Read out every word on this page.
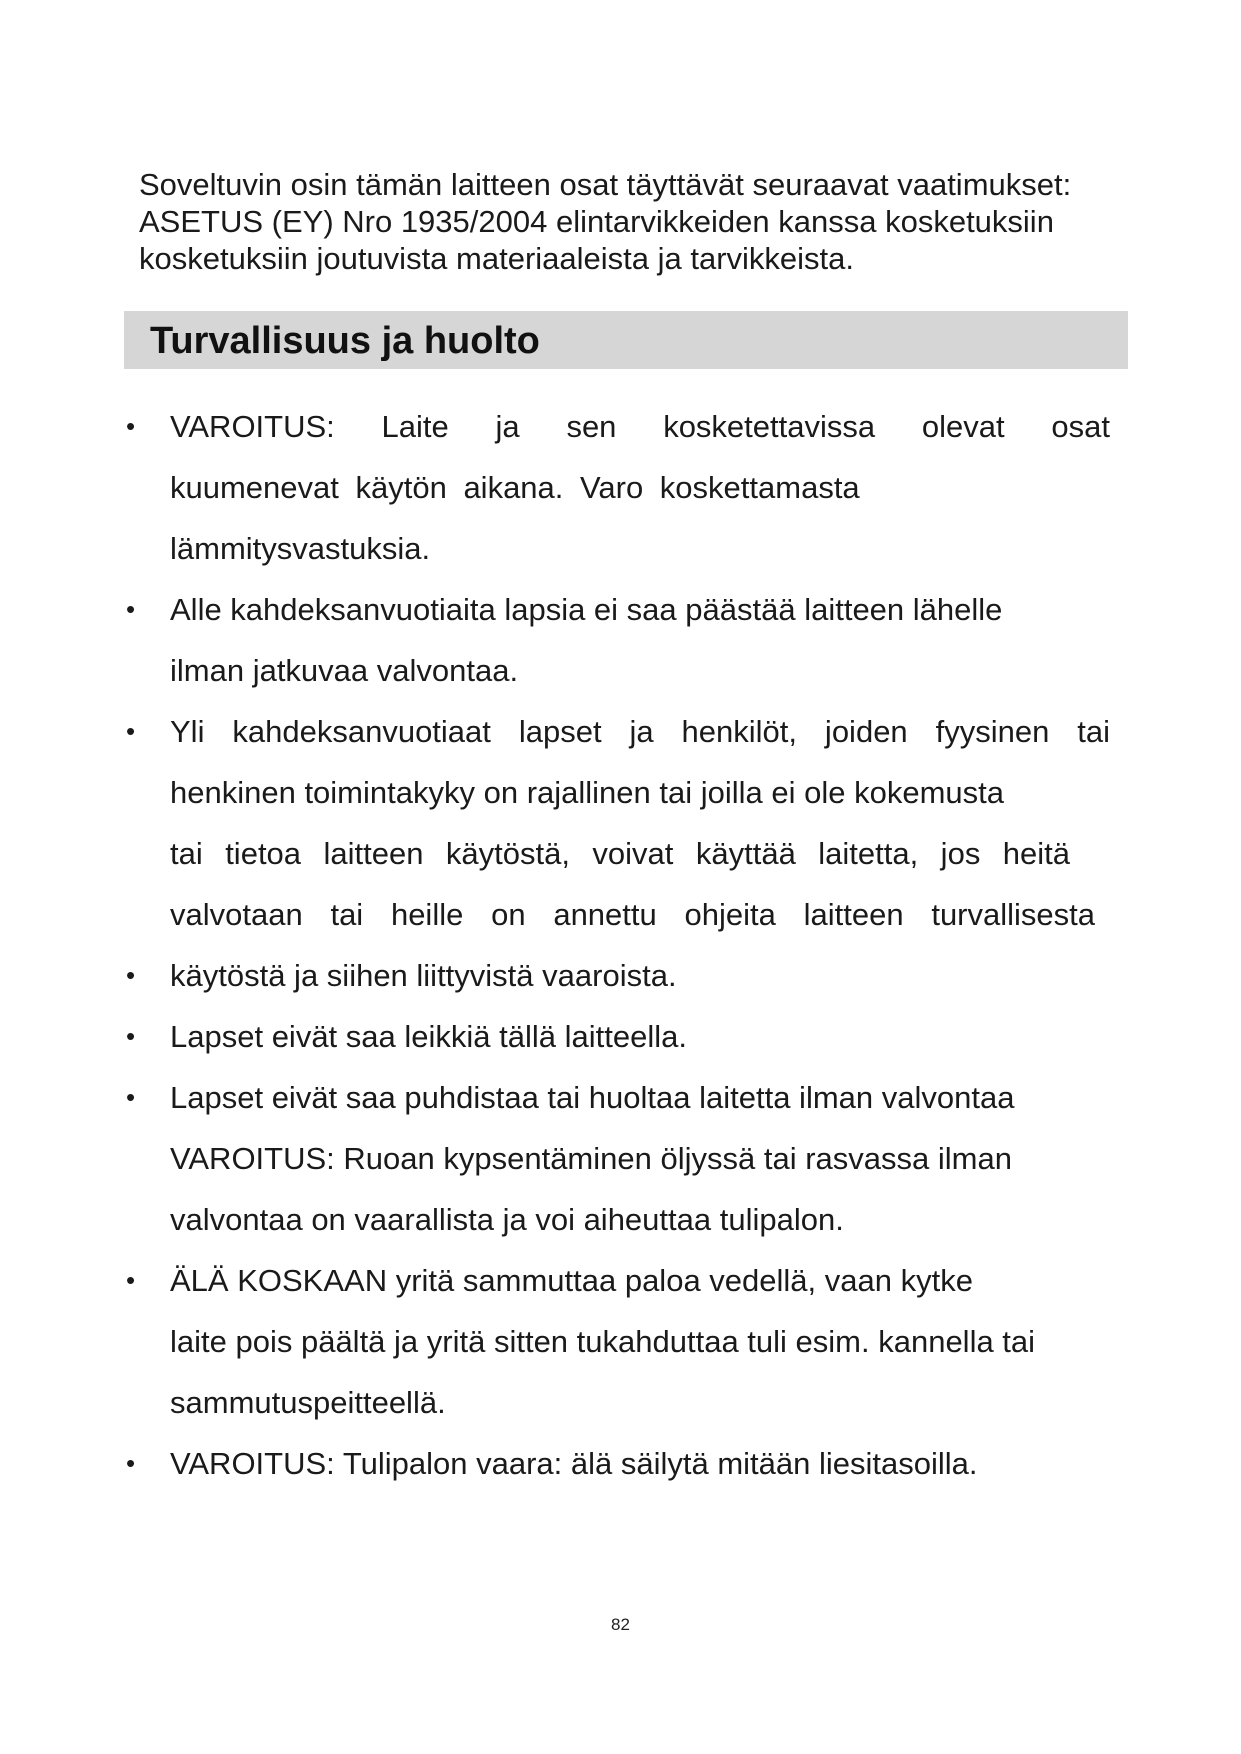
Soveltuvin osin tämän laitteen osat täyttävät seuraavat vaatimukset:
ASETUS (EY) Nro 1935/2004 elintarvikkeiden kanssa kosketuksiin
kosketuksiin joutuvista materiaaleista ja tarvikkeista.
Turvallisuus ja huolto
• VAROITUS: Laite ja sen kosketettavissa olevat osat
kuumenevat käytön aikana. Varo koskettamasta
lämmitysvastuksia.
• Alle kahdeksanvuotiaita lapsia ei saa päästää laitteen lähelle
ilman jatkuvaa valvontaa.
• Yli kahdeksanvuotiaat lapset ja henkilöt, joiden fyysinen tai
henkinen toimintakyky on rajallinen tai joilla ei ole kokemusta
tai tietoa laitteen käytöstä, voivat käyttää laitetta, jos heitä
valvotaan tai heille on annettu ohjeita laitteen turvallisesta
• käytöstä ja siihen liittyvistä vaaroista.
• Lapset eivät saa leikkiä tällä laitteella.
• Lapset eivät saa puhdistaa tai huoltaa laitetta ilman valvontaa
VAROITUS: Ruoan kypsentäminen öljyssä tai rasvassa ilman
valvontaa on vaarallista ja voi aiheuttaa tulipalon.
• ÄLÄ KOSKAAN yritä sammuttaa paloa vedellä, vaan kytke
laite pois päältä ja yritä sitten tukahduttaa tuli esim. kannella tai
sammutuspeitteellä.
• VAROITUS: Tulipalon vaara: älä säilytä mitään liesitasoilla.
82
